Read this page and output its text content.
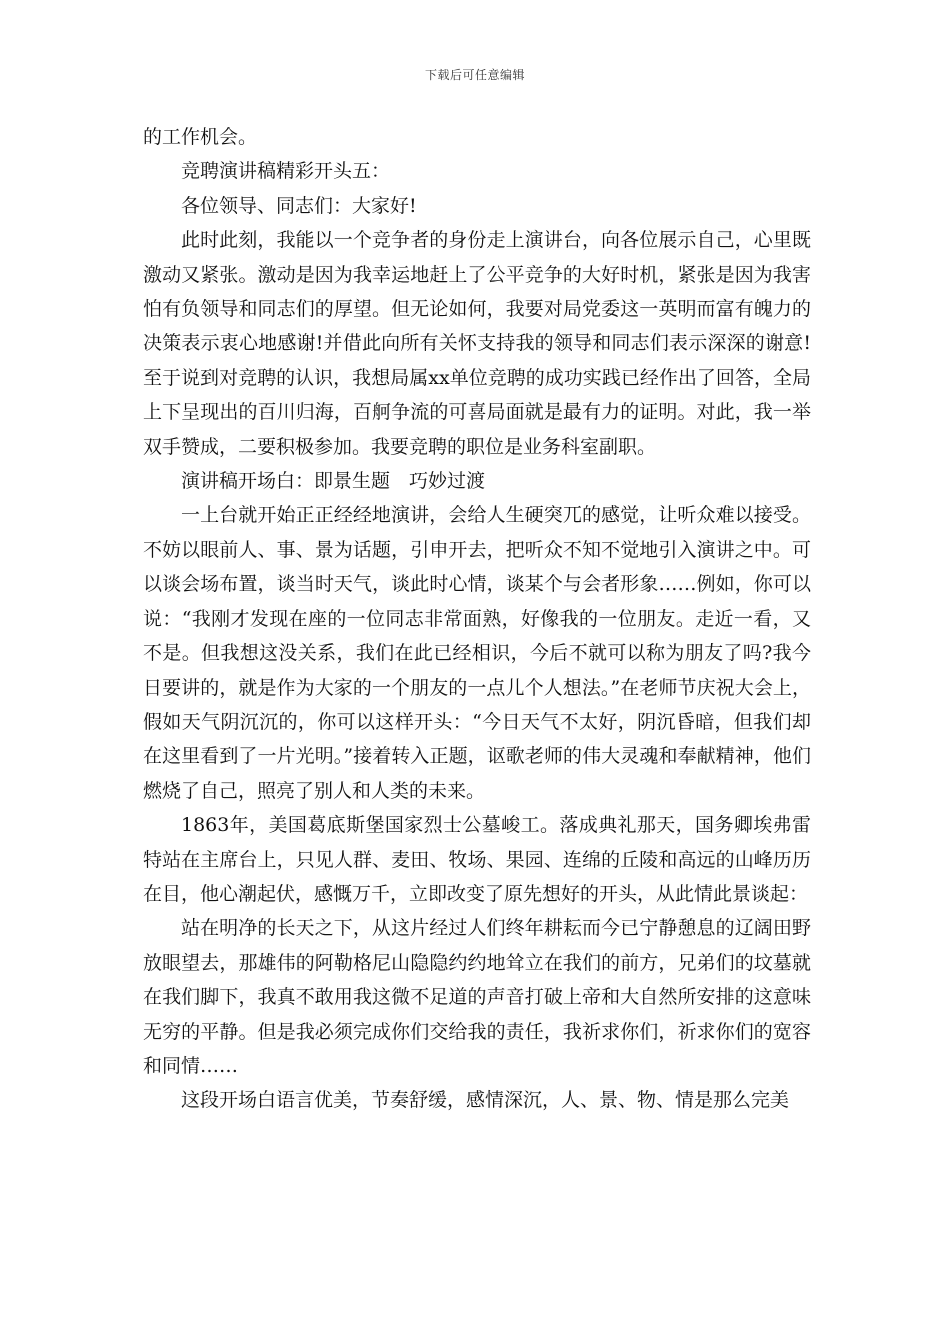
下载后可任意编辑

的工作机会。

竞聘演讲稿精彩开头五：

各位领导、同志们：大家好!

此时此刻，我能以一个竞争者的身份走上演讲台，向各位展示自己，心里既激动又紧张。激动是因为我幸运地赶上了公平竞争的大好时机，紧张是因为我害怕有负领导和同志们的厚望。但无论如何，我要对局党委这一英明而富有魄力的决策表示衷心地感谢!并借此向所有关怀支持我的领导和同志们表示深深的谢意!至于说到对竞聘的认识，我想局属xx单位竞聘的成功实践已经作出了回答，全局上下呈现出的百川归海，百舸争流的可喜局面就是最有力的证明。对此，我一举双手赞成，二要积极参加。我要竞聘的职位是业务科室副职。

演讲稿开场白：即景生题　巧妙过渡

一上台就开始正正经经地演讲，会给人生硬突兀的感觉，让听众难以接受。不妨以眼前人、事、景为话题，引申开去，把听众不知不觉地引入演讲之中。可以谈会场布置，谈当时天气，谈此时心情，谈某个与会者形象……例如，你可以说：“我刚才发现在座的一位同志非常面熟，好像我的一位朋友。走近一看，又不是。但我想这没关系，我们在此已经相识，今后不就可以称为朋友了吗?我今日要讲的，就是作为大家的一个朋友的一点儿个人想法。”在老师节庆祝大会上，假如天气阴沉沉的，你可以这样开头：“今日天气不太好，阴沉昏暗，但我们却在这里看到了一片光明。”接着转入正题，讴歌老师的伟大灵魂和奉献精神，他们燃烧了自己，照亮了别人和人类的未来。

1863年，美国葛底斯堡国家烈士公墓峻工。落成典礼那天，国务卿埃弗雷特站在主席台上，只见人群、麦田、牧场、果园、连绵的丘陵和高远的山峰历历在目，他心潮起伏，感慨万千，立即改变了原先想好的开头，从此情此景谈起：

站在明净的长天之下，从这片经过人们终年耕耘而今已宁静憩息的辽阔田野放眼望去，那雄伟的阿勒格尼山隐隐约约地耸立在我们的前方，兄弟们的坟墓就在我们脚下，我真不敢用我这微不足道的声音打破上帝和大自然所安排的这意味无穷的平静。但是我必须完成你们交给我的责任，我祈求你们，祈求你们的宽容和同情……

这段开场白语言优美，节奏舒缓，感情深沉，人、景、物、情是那么完美
